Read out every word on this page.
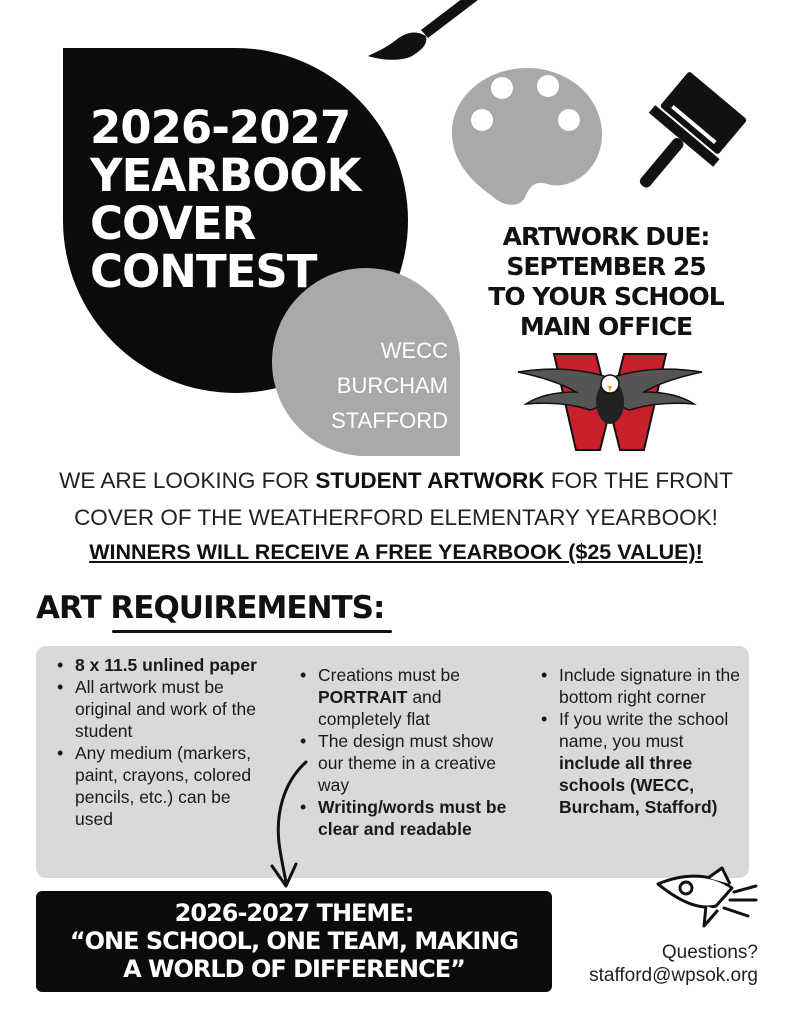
2026-2027
YEARBOOK
COVER
CONTEST
WECC
BURCHAM
STAFFORD
ARTWORK DUE:
SEPTEMBER 25
TO YOUR SCHOOL
MAIN OFFICE
WE ARE LOOKING FOR STUDENT ARTWORK FOR THE FRONT COVER OF THE WEATHERFORD ELEMENTARY YEARBOOK!
WINNERS WILL RECEIVE A FREE YEARBOOK ($25 VALUE)!
ART REQUIREMENTS:
• 8 x 11.5 unlined paper
• All artwork must be original and work of the student
• Any medium (markers, paint, crayons, colored pencils, etc.) can be used
• Creations must be PORTRAIT and completely flat
• The design must show our theme in a creative way
• Writing/words must be clear and readable
• Include signature in the bottom right corner
• If you write the school name, you must include all three schools (WECC, Burcham, Stafford)
2026-2027 THEME:
“ONE SCHOOL, ONE TEAM, MAKING
A WORLD OF DIFFERENCE”
Questions?
stafford@wpsok.org
